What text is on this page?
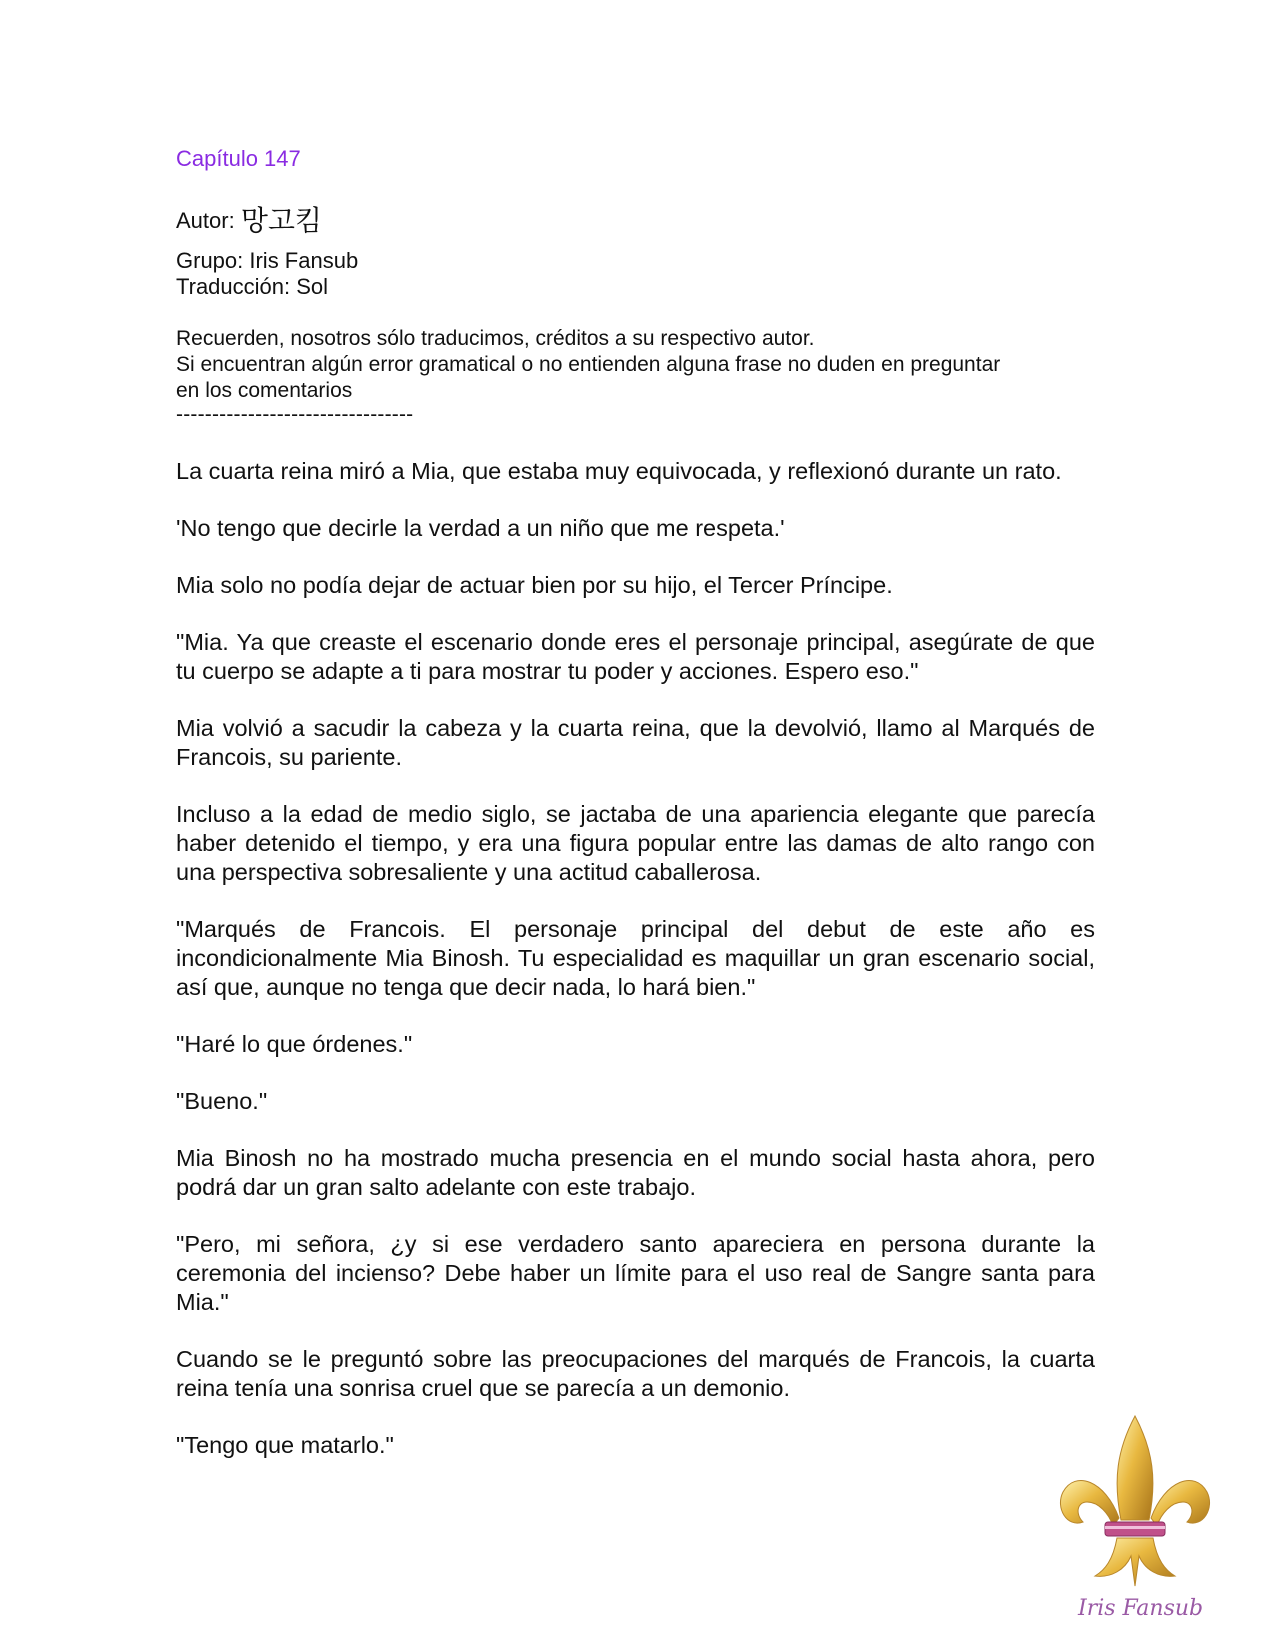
Capítulo 147
Autor: 망고킴
Grupo: Iris Fansub
Traducción: Sol
Recuerden, nosotros sólo traducimos, créditos a su respectivo autor.
Si encuentran algún error gramatical o no entienden alguna frase no duden en preguntar
en los comentarios
---------------------------------

La cuarta reina miró a Mia, que estaba muy equivocada, y reflexionó durante un rato.

'No tengo que decirle la verdad a un niño que me respeta.'

Mia solo no podía dejar de actuar bien por su hijo, el Tercer Príncipe.

"Mia. Ya que creaste el escenario donde eres el personaje principal, asegúrate de que tu cuerpo se adapte a ti para mostrar tu poder y acciones. Espero eso."

Mia volvió a sacudir la cabeza y la cuarta reina, que la devolvió, llamo al Marqués de Francois, su pariente.

Incluso a la edad de medio siglo, se jactaba de una apariencia elegante que parecía haber detenido el tiempo, y era una figura popular entre las damas de alto rango con una perspectiva sobresaliente y una actitud caballerosa.

"Marqués de Francois. El personaje principal del debut de este año es incondicionalmente Mia Binosh. Tu especialidad es maquillar un gran escenario social, así que, aunque no tenga que decir nada, lo hará bien."

"Haré lo que órdenes."

"Bueno."

Mia Binosh no ha mostrado mucha presencia en el mundo social hasta ahora, pero podrá dar un gran salto adelante con este trabajo.

"Pero, mi señora, ¿y si ese verdadero santo apareciera en persona durante la ceremonia del incienso? Debe haber un límite para el uso real de Sangre santa para Mia."

Cuando se le preguntó sobre las preocupaciones del marqués de Francois, la cuarta reina tenía una sonrisa cruel que se parecía a un demonio.

"Tengo que matarlo."

Iris Fansub
